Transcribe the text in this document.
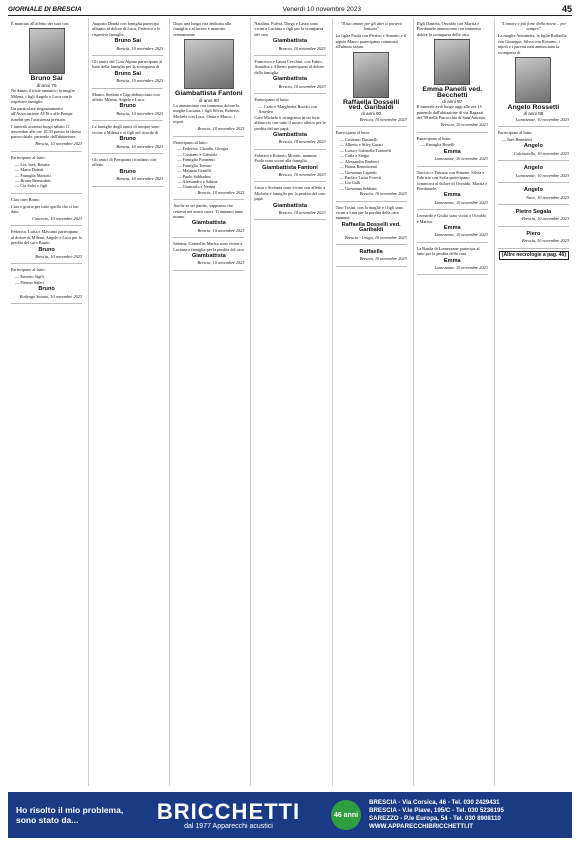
GIORNALE DI BRESCIA	Venerdì 10 novembre 2023	45

È mancato all'affetto dei suoi cari

Bruno Sai
di anni 75

Ne danno il triste annuncio la moglie Milena, i figli Angelo e Luca con le rispettive famiglie.

Un particolare ringraziamento all'Associazione AVIS e alle Pompe funebri per l'assistenza prestata.

I funerali avranno luogo sabato 11 novembre alle ore 10.30 presso la chiesa parrocchiale, partendo dall'abitazione.

Brescia, 10 novembre 2023

Partecipano al lutto:

— Lia, Ines, Renata
— Marta Donati
— Famiglia Mariotti
— Bruno Bernardini
— Cia Salvi e figli

Ciao caro Bruno

Ciao e grazie per tutto quello che ci hai dato.

Concesio, 10 novembre 2023

Federica, Luisa e Massimo partecipano al dolore di Milena, Angelo e Luca per la perdita del caro Bruno.

Bruno
Brescia, 10 novembre 2023

Partecipano al lutto:

— Ernesto Sigili
— Pierino Saleri
Bruno
Rodengo Saiano, 10 novembre 2023

Augusto Donda con famiglia partecipa affranto al dolore di Luca, Federico e le rispettive famiglie.

Bruno Sai
Brescia, 10 novembre 2023

Gli amici del Coro Alpino partecipano al lutto della famiglia per la scomparsa di

Bruno Sai
Brescia, 10 novembre 2023

Mauro, Stefano e Gigi abbracciano con affetto Milena, Angelo e Luca.

Bruno
Brescia, 10 novembre 2023

Le famiglie degli amici di sempre sono vicine a Milena e ai figli nel ricordo di

Bruno
Brescia, 10 novembre 2023

Gli amici di Pompiano ricordano con affetto

Bruno
Brescia, 10 novembre 2023

Dopo una lunga vita dedicata alla famiglia e al lavoro è mancato serenamente

Giambattista Fantoni
di anni 90

Lo annunciano con immenso dolore la moglie Luciana, i figli Silvia, Roberta, Michela con Luca, Omar e Marco, i nipoti.

Brescia, 10 novembre 2023

Partecipano al lutto:

— Federica, Claudia, Giorgia
— Cristiano e Gabriele
— Famiglia Formenti
— Famiglia Tomasi
— Melania Gentilli
— Paolo Sabbadini
— Alessandro e Sabina
— Giancarlo e Nerina
Brescia, 10 novembre 2023

Anche se sei partito, sappiamo che resterai nei nostri cuori. Ti amiamo tanto nonno.

Giambattista
Brescia, 10 novembre 2023

Sabrina, Gabriella, Marisa sono vicine a Luciana e famiglia per la perdita del caro

Giambattista
Brescia, 10 novembre 2023

Natalina, Fulvia, Diego e Laura sono vicini a Luciana e figli per la scomparsa del caro

Giambattista
Brescia, 10 novembre 2023

Francesco e Laura Cecchini, con Fabio, Annalisa e Alberto partecipano al dolore della famiglia.

Giambattista
Brescia, 10 novembre 2023

Partecipano al lutto:

— Carlo e Margherita Rocchi con Amedeo

Caro Michela ti stringiamo in un forte abbraccio con tutto il nostro affetto per la perdita del tuo papà.

Giambattista
Brescia, 10 novembre 2023

Fabrizio e Roberto Moratti, mamma Paola sono vicini alla famiglia.

Giambattista Fantoni
Brescia, 10 novembre 2023

Luisa e Stefania sono vicine con affetto a Michela e famiglia per la perdita del caro papà.

Giambattista
Brescia, 10 novembre 2023

"Il tuo amore per gli altri ti porterà lontano"

La figlia Paola con Pierino e Antonio e il nipote Marco partecipano commossi all'ultimo saluto.

Raffaella Dosselli ved. Garibaldi
di anni 90
Brescia, 10 novembre 2023

Partecipano al lutto:

— Cristiano Dusinelli
— Alberto e Silvy Curati
— Luisa e Gabriella Toninelli
— Carla e Sergio
— Alessandra Barbieri
— Bruna Benedicenti
— Giovanna Capretti
— Paola e Luisa Foresti
— Lia Galli
— Giovanna Sebbani
Brescia, 10 novembre 2023

Tino Tosini, con la moglie e i figli sono vicini a Lina per la perdita della cara mamma.

Raffaella Dosselli ved. Garibaldi
Brescia - Urago, 10 novembre 2023
Raffaella
Brescia, 10 novembre 2023

Elgli Daniela, Osvaldo con Marisa e Pierdaniele annunciano con immenso dolore la scomparsa della cara

Emma Panelli ved. Becchetti
di anni 87

Il funerale avrà luogo oggi alle ore 15 partendo dall'abitazione di via Ragazzi del '99 nella Parrocchia di Sant'Antonio.

Brescia, 10 novembre 2023

Partecipano al lutto:

— Famiglia Boselli
Emma
Lumezzane, 10 novembre 2023

Tarcisio e Patrizia con Simone, Silvia e Fabrizio con Sofia partecipano commossi al dolore di Osvaldo, Marisa e Pierdaniele.

Emma
Lumezzane, 10 novembre 2023

Leonardo e Giulia sono vicini a Osvaldo e Marisa.

Emma
Lumezzane, 10 novembre 2023

La Banda di Lumezzane partecipa al lutto per la perdita della cara

Emma
Lumezzane, 10 novembre 2023

"L'amore e più forte della morte... per sempre"

La moglie Antonietta, le figlie Raffaella con Giuseppe, Silvia con Rossano, i nipoti e i parenti tutti annunciano la scomparsa di

Angelo Rossetti
di anni 88
Lumezzane, 10 novembre 2023

Partecipano al lutto:

— Ines Benedetti
Angelo
Calcinatello, 10 novembre 2023
Angelo
Lumezzane, 10 novembre 2023
Angelo
Nave, 10 novembre 2023
Pietro Segala
Brescia, 10 novembre 2023
Piero
Brescia, 10 novembre 2023
(Altre necrologie a pag. 46)
Ho risolto il mio problema, sono stato da...	BRICCHETTI
dal 1977 Apparecchi acustici
46 anni
BRESCIA - Via Corsica, 46 - Tel. 030 2429431
BRESCIA - V.le Piave, 195/C - Tel. 030 5236195
SAREZZO - P.le Europa, 54 - Tel. 030 8908110
WWW.APPARECCHIBRICCHETTI.IT
